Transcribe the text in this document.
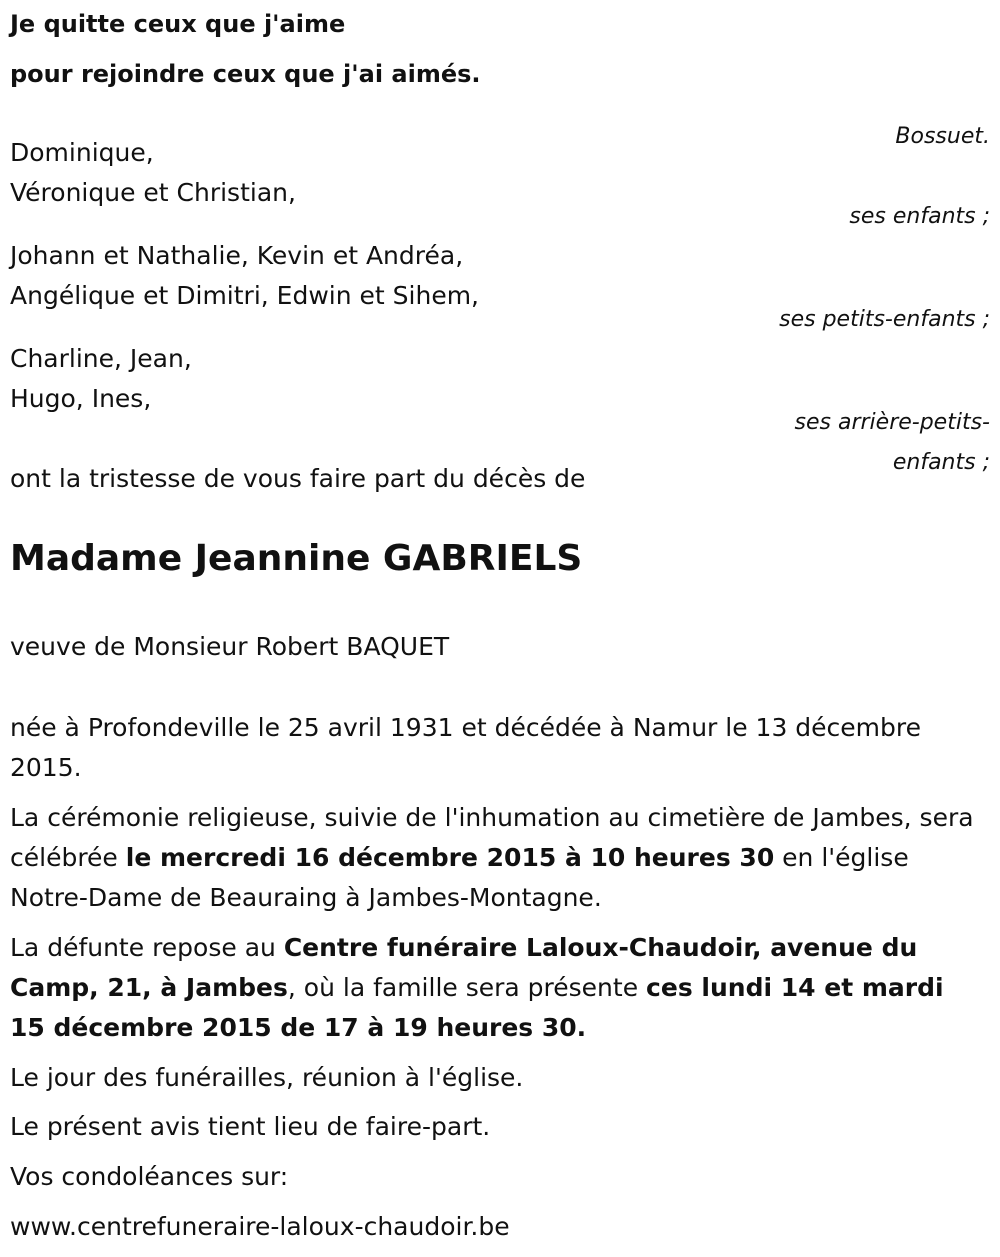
Je quitte ceux que j'aime
pour rejoindre ceux que j'ai aimés.
Bossuet.
Dominique,
Véronique et Christian,
ses enfants ;
Johann et Nathalie, Kevin et Andréa,
Angélique et Dimitri, Edwin et Sihem,
ses petits-enfants ;
Charline, Jean,
Hugo, Ines,
ses arrière-petits-
enfants ;
ont la tristesse de vous faire part du décès de
Madame Jeannine GABRIELS
veuve de Monsieur Robert BAQUET
née à Profondeville le 25 avril 1931 et décédée à Namur le 13 décembre 2015.
La cérémonie religieuse, suivie de l'inhumation au cimetière de Jambes, sera célébrée le mercredi 16 décembre 2015 à 10 heures 30 en l'église Notre-Dame de Beauraing à Jambes-Montagne.
La défunte repose au Centre funéraire Laloux-Chaudoir, avenue du Camp, 21, à Jambes, où la famille sera présente ces lundi 14 et mardi 15 décembre 2015 de 17 à 19 heures 30.
Le jour des funérailles, réunion à l'église.
Le présent avis tient lieu de faire-part.
Vos condoléances sur:
www.centrefuneraire-laloux-chaudoir.be
